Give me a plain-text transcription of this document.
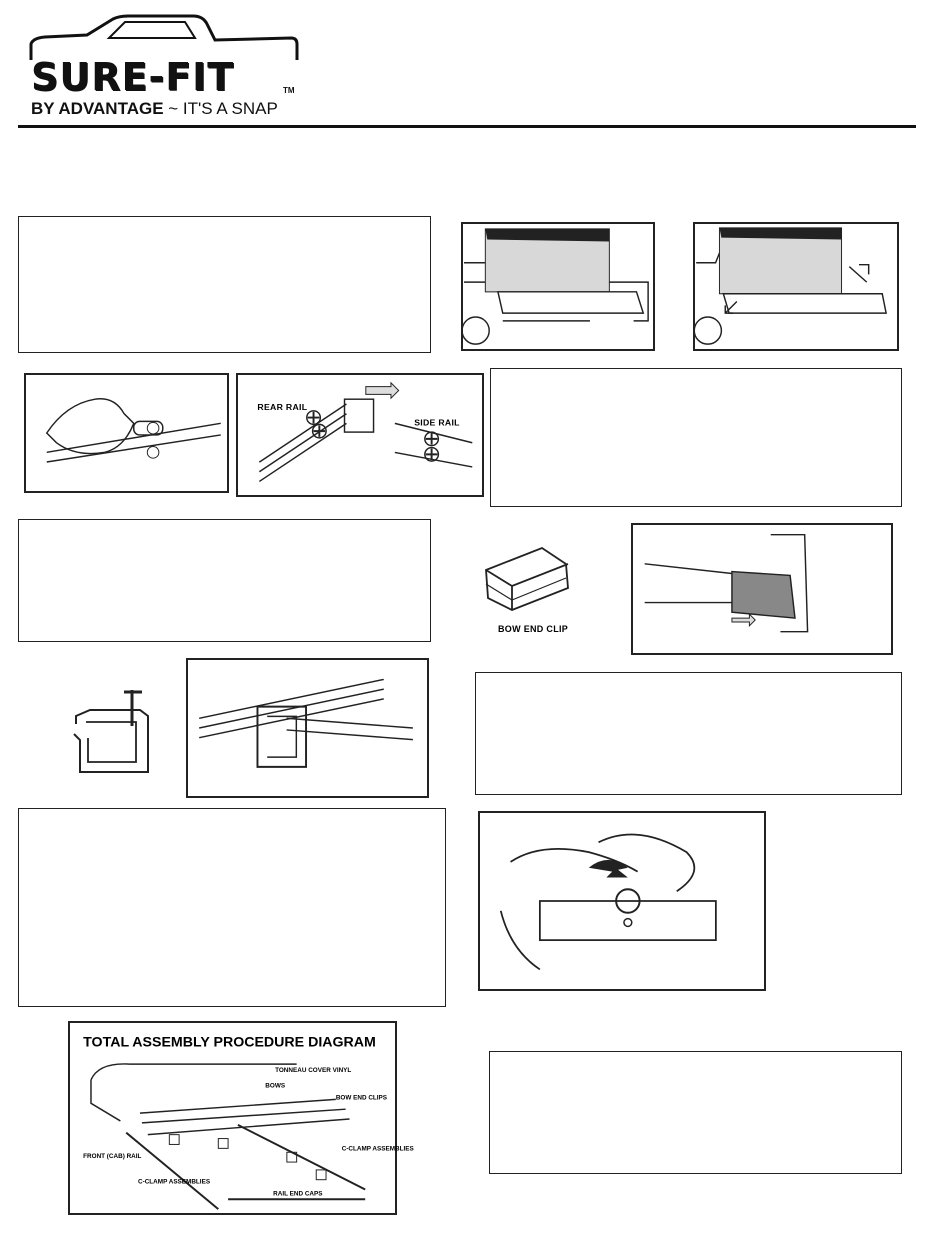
SURE-FIT	TM
BY ADVANTAGE ~ IT'S A SNAP
REAR RAIL
SIDE RAIL
BOW END CLIP
TOTAL ASSEMBLY PROCEDURE DIAGRAM
TONNEAU COVER VINYL
BOWS
BOW END CLIPS
FRONT (CAB) RAIL
C-CLAMP ASSEMBLIES
C-CLAMP ASSEMBLIES
RAIL END CAPS
